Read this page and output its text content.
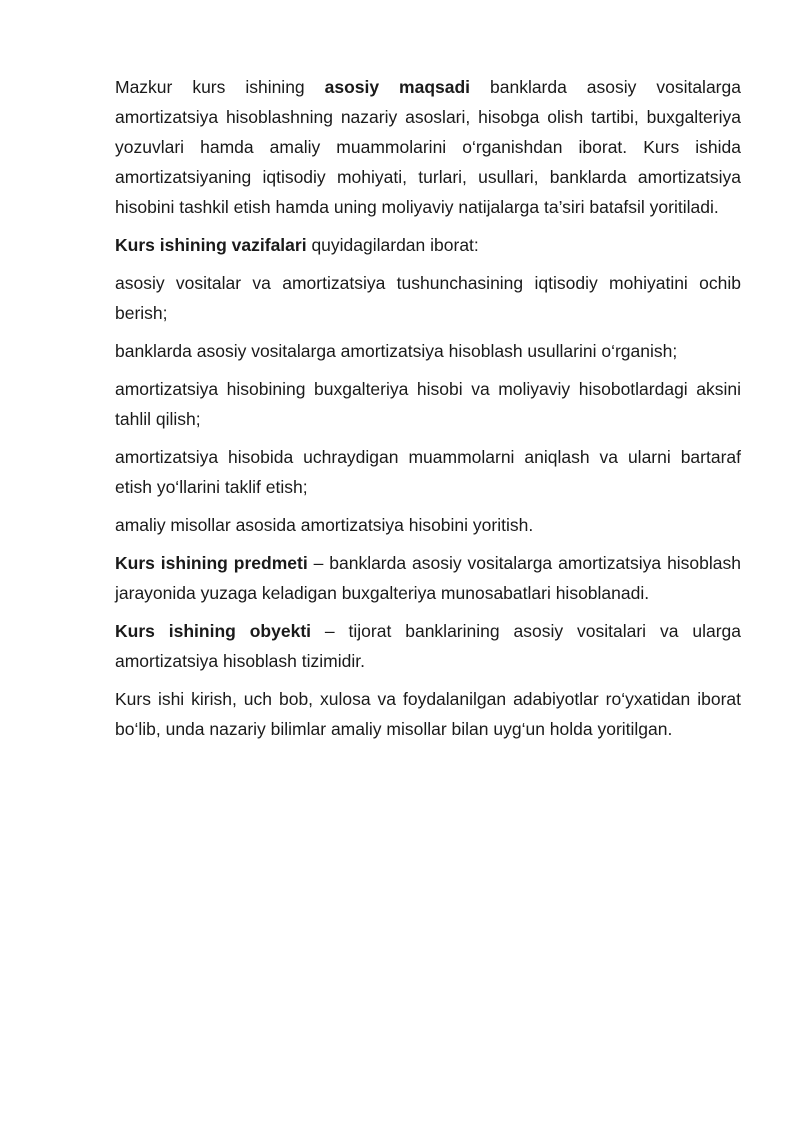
Mazkur kurs ishining asosiy maqsadi banklarda asosiy vositalarga amortizatsiya hisoblashning nazariy asoslari, hisobga olish tartibi, buxgalteriya yozuvlari hamda amaliy muammolarini o‘rganishdan iborat. Kurs ishida amortizatsiyaning iqtisodiy mohiyati, turlari, usullari, banklarda amortizatsiya hisobini tashkil etish hamda uning moliyaviy natijalarga ta’siri batafsil yoritiladi.

Kurs ishining vazifalari quyidagilardan iborat:

asosiy vositalar va amortizatsiya tushunchasining iqtisodiy mohiyatini ochib berish;

banklarda asosiy vositalarga amortizatsiya hisoblash usullarini o‘rganish;

amortizatsiya hisobining buxgalteriya hisobi va moliyaviy hisobotlardagi aksini tahlil qilish;

amortizatsiya hisobida uchraydigan muammolarni aniqlash va ularni bartaraf etish yo‘llarini taklif etish;

amaliy misollar asosida amortizatsiya hisobini yoritish.

Kurs ishining predmeti – banklarda asosiy vositalarga amortizatsiya hisoblash jarayonida yuzaga keladigan buxgalteriya munosabatlari hisoblanadi.

Kurs ishining obyekti – tijorat banklarining asosiy vositalari va ularga amortizatsiya hisoblash tizimidir.

Kurs ishi kirish, uch bob, xulosa va foydalanilgan adabiyotlar ro‘yxatidan iborat bo‘lib, unda nazariy bilimlar amaliy misollar bilan uyg‘un holda yoritilgan.
